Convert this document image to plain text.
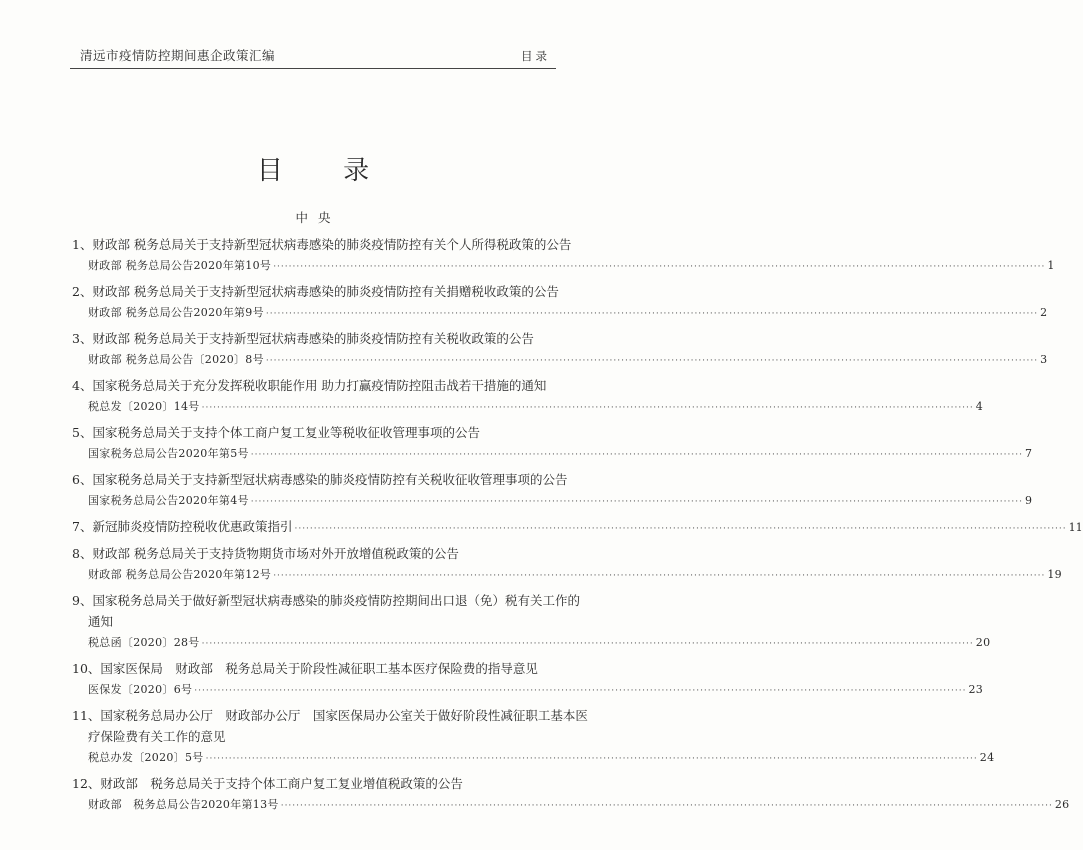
清远市疫情防控期间惠企政策汇编	目录
目 录
中央
1、财政部 税务总局关于支持新型冠状病毒感染的肺炎疫情防控有关个人所得税政策的公告
财政部 税务总局公告2020年第10号 ········································································································································································································ 1
2、财政部 税务总局关于支持新型冠状病毒感染的肺炎疫情防控有关捐赠税收政策的公告
财政部 税务总局公告2020年第9号 ········································································································································································································ 2
3、财政部 税务总局关于支持新型冠状病毒感染的肺炎疫情防控有关税收政策的公告
财政部 税务总局公告〔2020〕8号 ········································································································································································································ 3
4、国家税务总局关于充分发挥税收职能作用 助力打赢疫情防控阻击战若干措施的通知
税总发〔2020〕14号 ········································································································································································································ 4
5、国家税务总局关于支持个体工商户复工复业等税收征收管理事项的公告
国家税务总局公告2020年第5号 ········································································································································································································ 7
6、国家税务总局关于支持新型冠状病毒感染的肺炎疫情防控有关税收征收管理事项的公告
国家税务总局公告2020年第4号 ········································································································································································································ 9
7、新冠肺炎疫情防控税收优惠政策指引 ········································································································································································································ 11
8、财政部 税务总局关于支持货物期货市场对外开放增值税政策的公告
财政部 税务总局公告2020年第12号 ········································································································································································································ 19
9、国家税务总局关于做好新型冠状病毒感染的肺炎疫情防控期间出口退（免）税有关工作的
通知
税总函〔2020〕28号 ········································································································································································································ 20
10、国家医保局　财政部　税务总局关于阶段性减征职工基本医疗保险费的指导意见
医保发〔2020〕6号 ········································································································································································································ 23
11、国家税务总局办公厅　财政部办公厅　国家医保局办公室关于做好阶段性减征职工基本医
疗保险费有关工作的意见
税总办发〔2020〕5号 ········································································································································································································ 24
12、财政部　税务总局关于支持个体工商户复工复业增值税政策的公告
财政部　税务总局公告2020年第13号 ········································································································································································································ 26
